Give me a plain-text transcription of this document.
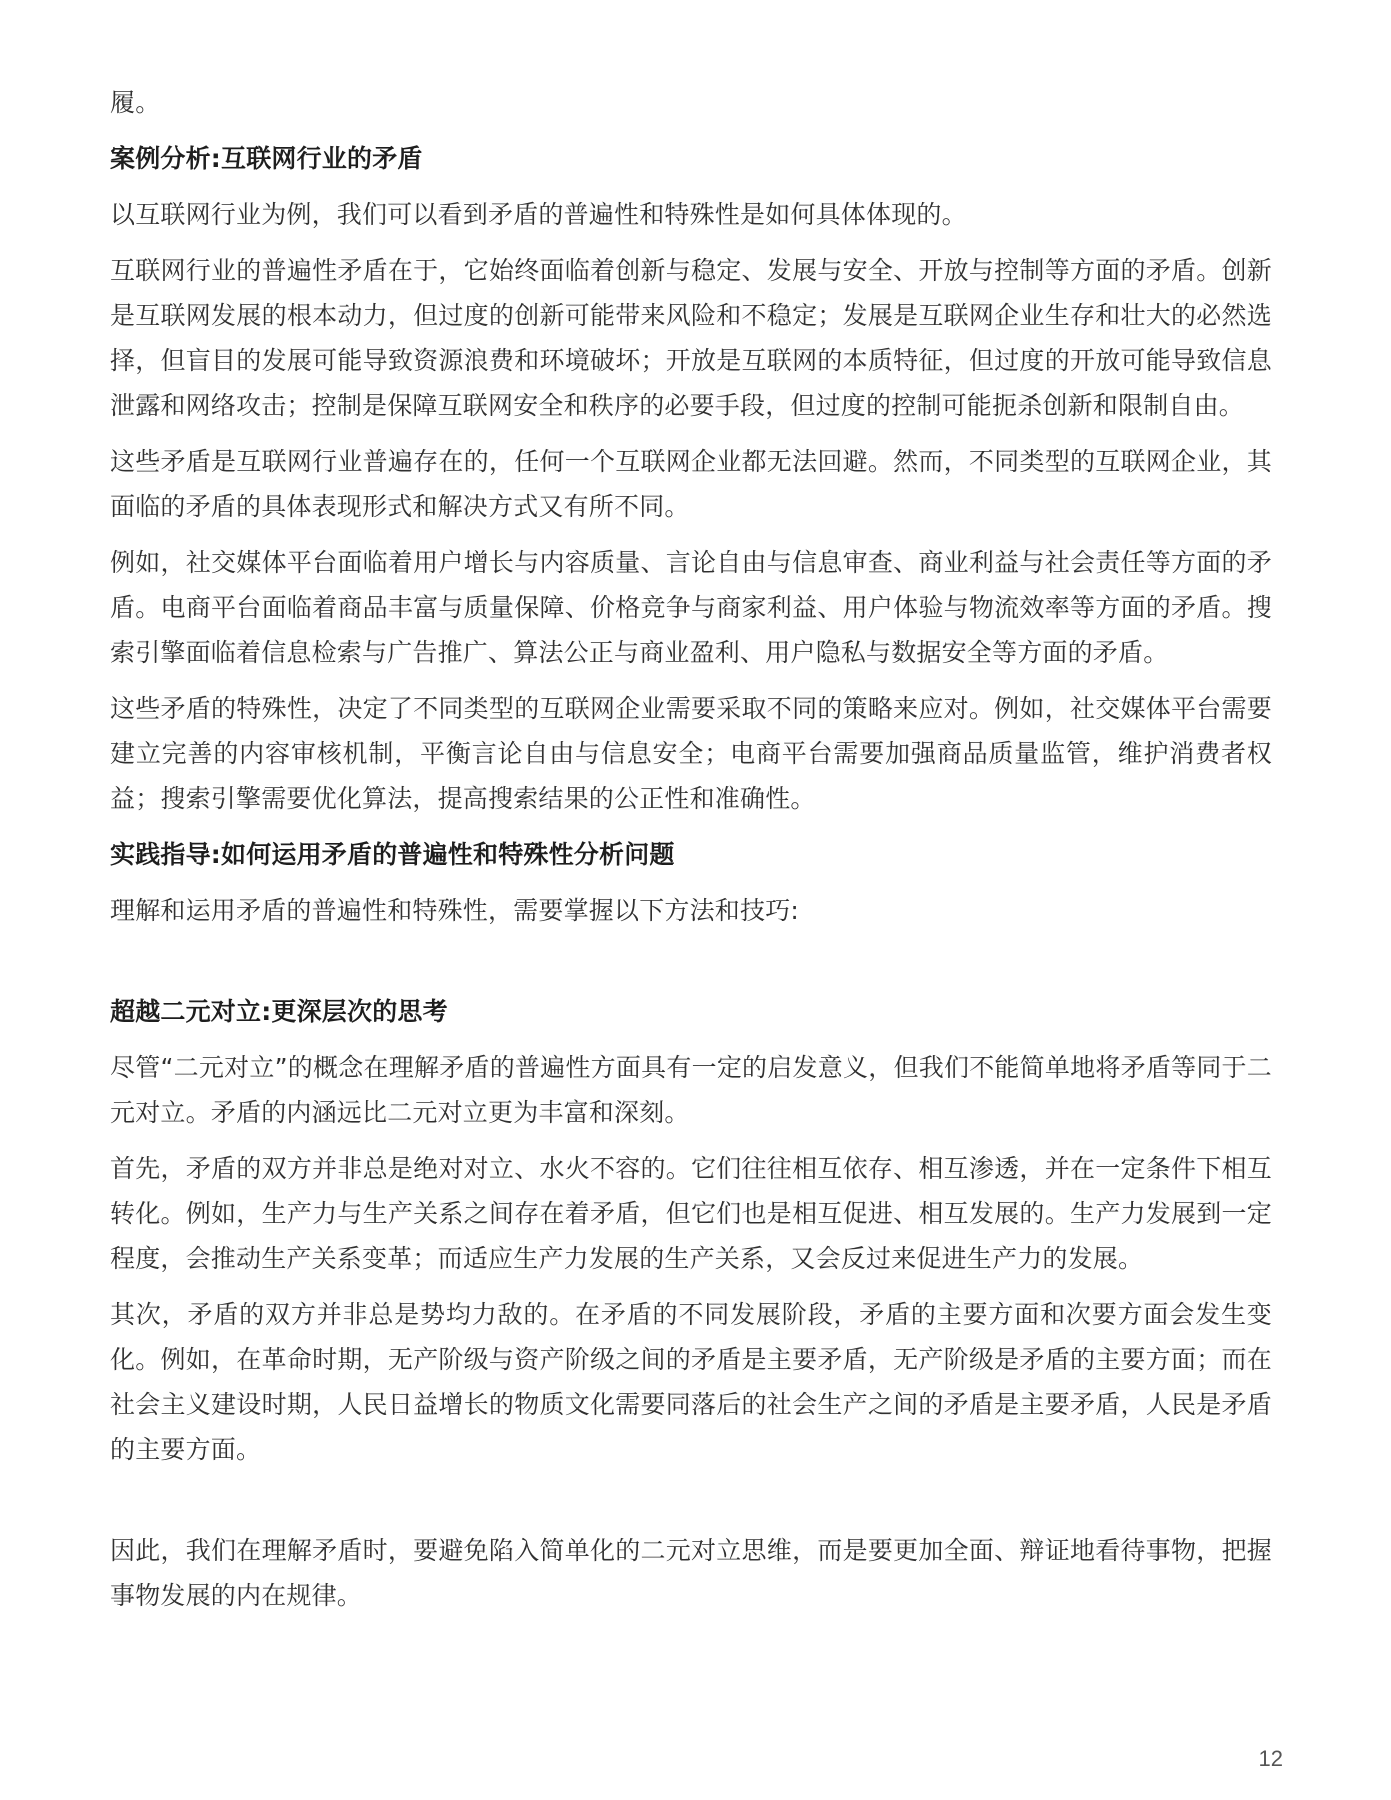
履。

案例分析:互联网行业的矛盾

以互联网行业为例，我们可以看到矛盾的普遍性和特殊性是如何具体体现的。

互联网行业的普遍性矛盾在于，它始终面临着创新与稳定、发展与安全、开放与控制等方面的矛盾。创新是互联网发展的根本动力，但过度的创新可能带来风险和不稳定；发展是互联网企业生存和壮大的必然选择，但盲目的发展可能导致资源浪费和环境破坏；开放是互联网的本质特征，但过度的开放可能导致信息泄露和网络攻击；控制是保障互联网安全和秩序的必要手段，但过度的控制可能扼杀创新和限制自由。

这些矛盾是互联网行业普遍存在的，任何一个互联网企业都无法回避。然而，不同类型的互联网企业，其面临的矛盾的具体表现形式和解决方式又有所不同。

例如，社交媒体平台面临着用户增长与内容质量、言论自由与信息审查、商业利益与社会责任等方面的矛盾。电商平台面临着商品丰富与质量保障、价格竞争与商家利益、用户体验与物流效率等方面的矛盾。搜索引擎面临着信息检索与广告推广、算法公正与商业盈利、用户隐私与数据安全等方面的矛盾。

这些矛盾的特殊性，决定了不同类型的互联网企业需要采取不同的策略来应对。例如，社交媒体平台需要建立完善的内容审核机制，平衡言论自由与信息安全；电商平台需要加强商品质量监管，维护消费者权益；搜索引擎需要优化算法，提高搜索结果的公正性和准确性。

实践指导:如何运用矛盾的普遍性和特殊性分析问题

理解和运用矛盾的普遍性和特殊性，需要掌握以下方法和技巧:

超越二元对立:更深层次的思考

尽管“二元对立”的概念在理解矛盾的普遍性方面具有一定的启发意义，但我们不能简单地将矛盾等同于二元对立。矛盾的内涵远比二元对立更为丰富和深刻。

首先，矛盾的双方并非总是绝对对立、水火不容的。它们往往相互依存、相互渗透，并在一定条件下相互转化。例如，生产力与生产关系之间存在着矛盾，但它们也是相互促进、相互发展的。生产力发展到一定程度，会推动生产关系变革；而适应生产力发展的生产关系，又会反过来促进生产力的发展。

其次，矛盾的双方并非总是势均力敌的。在矛盾的不同发展阶段，矛盾的主要方面和次要方面会发生变化。例如，在革命时期，无产阶级与资产阶级之间的矛盾是主要矛盾，无产阶级是矛盾的主要方面；而在社会主义建设时期，人民日益增长的物质文化需要同落后的社会生产之间的矛盾是主要矛盾，人民是矛盾的主要方面。

因此，我们在理解矛盾时，要避免陷入简单化的二元对立思维，而是要更加全面、辩证地看待事物，把握事物发展的内在规律。

12
